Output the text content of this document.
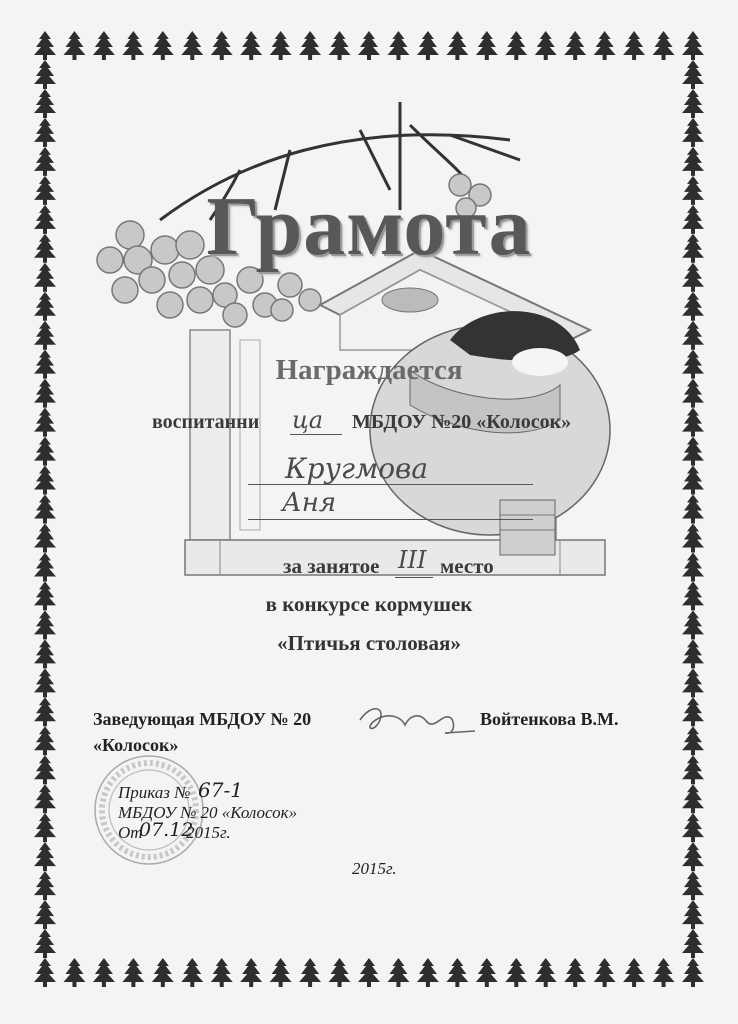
Грамота
Награждается
воспитанни ца МБДОУ №20 «Колосок»
Кругмова
Аня
за занятое III место
в конкурсе кормушек
«Птичья столовая»
Заведующая МБДОУ № 20
«Колосок»
Войтенкова В.М.
Приказ № 67-1
МБДОУ № 20 «Колосок»
От
07.12
2015г.
2015г.
